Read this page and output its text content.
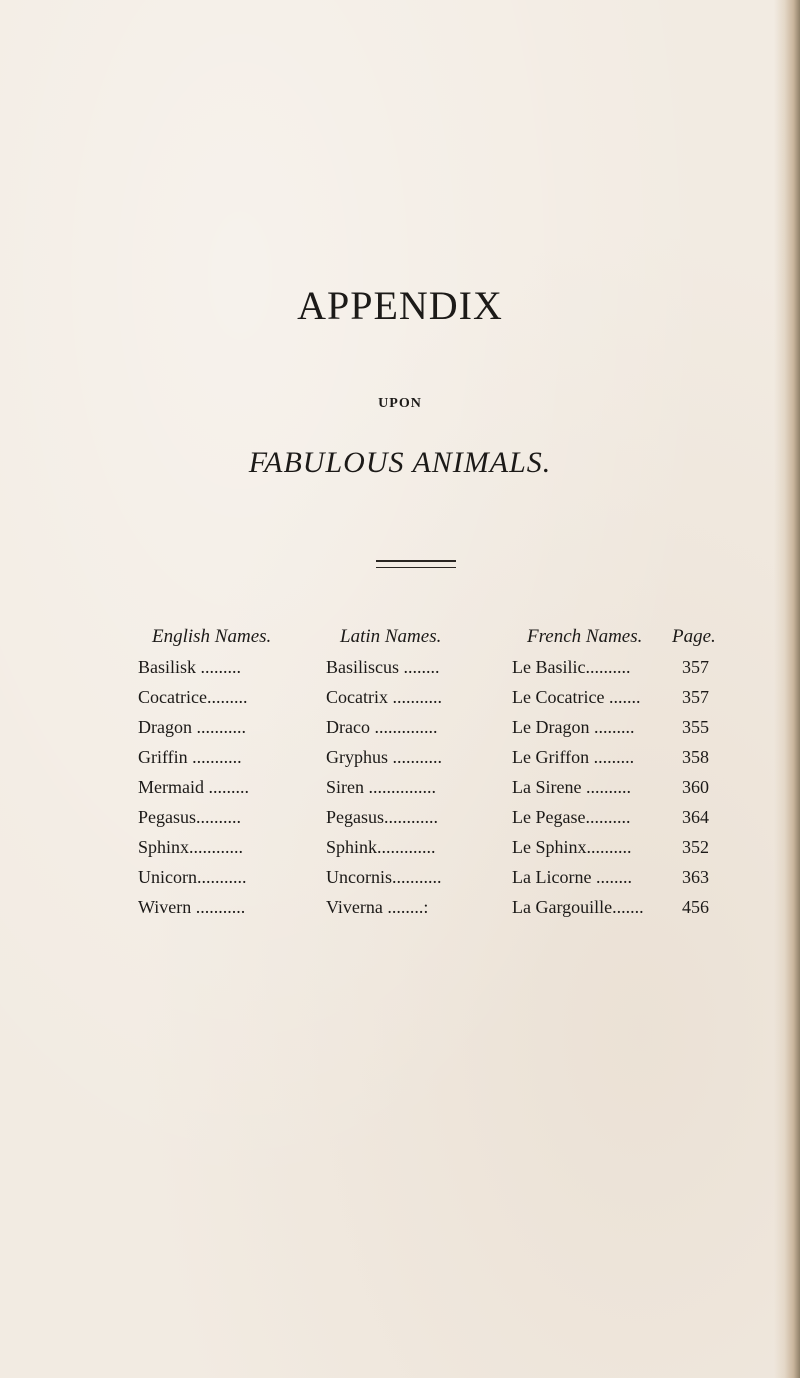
APPENDIX
UPON
FABULOUS ANIMALS.
English Names.	Latin Names.	French Names. Page.
Basilisk .........	Basiliscus ........	Le Basilic..........	357
Cocatrice.........	Cocatrix ...........	Le Cocatrice ....... 357
Dragon ...........	Draco ..............	Le Dragon .........	355
Griffin ...........	Gryphus ...........	Le Griffon .........	358
Mermaid .........	Siren ...............	La Sirene ..........	360
Pegasus..........	Pegasus............	Le Pegase..........	364
Sphinx............	Sphink.............	Le Sphinx..........	352
Unicorn...........	Uncornis...........	La Licorne ........	363
Wivern ...........	Viverna ........:	La Gargouille....... 456
